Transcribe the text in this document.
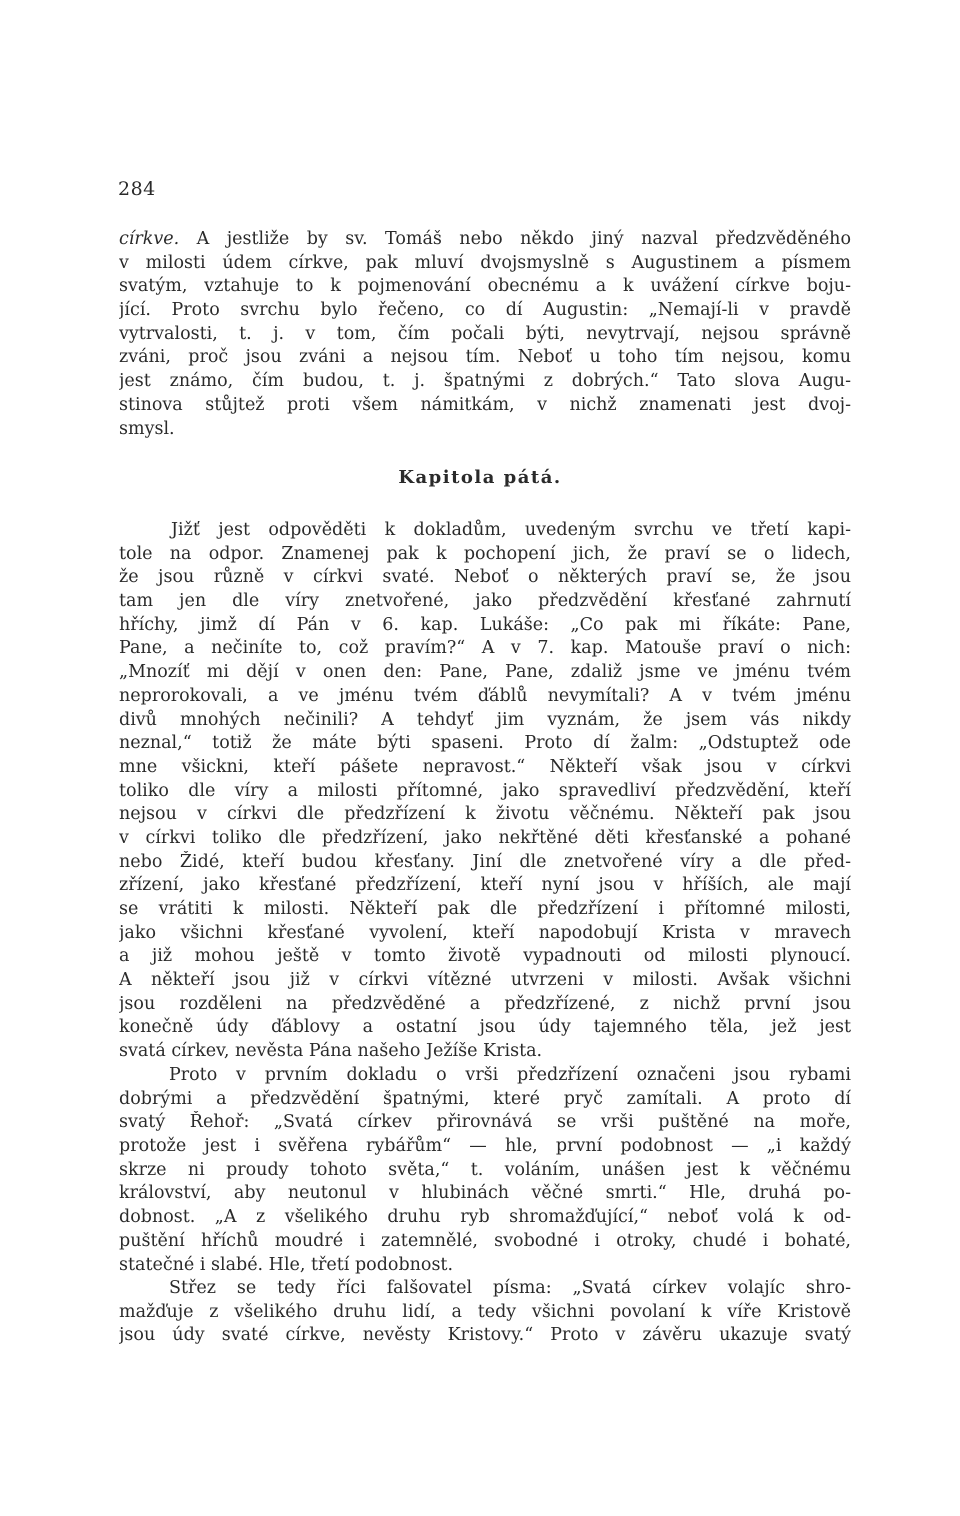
284
církve. A jestliže by sv. Tomáš nebo někdo jiný nazval předzvěděného
v milosti údem církve, pak mluví dvojsmyslně s Augustinem a písmem
svatým, vztahuje to k pojmenování obecnému a k uvážení církve boju-
jící. Proto svrchu bylo řečeno, co dí Augustin: „Nemají-li v pravdě
vytrvalosti, t. j. v tom, čím počali býti, nevytrvají, nejsou správně
zváni, proč jsou zváni a nejsou tím. Neboť u toho tím nejsou, komu
jest známo, čím budou, t. j. špatnými z dobrých.“ Tato slova Augu-
stinova stůjtež proti všem námitkám, v nichž znamenati jest dvoj-
smysl.
Kapitola pátá.
Jižť jest odpověděti k dokladům, uvedeným svrchu ve třetí kapi-
tole na odpor. Znamenej pak k pochopení jich, že praví se o lidech,
že jsou různě v církvi svaté. Neboť o některých praví se, že jsou
tam jen dle víry znetvořené, jako předzvědění křesťané zahrnutí
hříchy, jimž dí Pán v 6. kap. Lukáše: „Co pak mi říkáte: Pane,
Pane, a nečiníte to, což pravím?“ A v 7. kap. Matouše praví o nich:
„Mnozíť mi dějí v onen den: Pane, Pane, zdaliž jsme ve jménu tvém
neprorokovali, a ve jménu tvém ďáblů nevymítali? A v tvém jménu
divů mnohých nečinili? A tehdyť jim vyznám, že jsem vás nikdy
neznal,“ totiž že máte býti spaseni. Proto dí žalm: „Odstuptež ode
mne všickni, kteří pášete nepravost.“ Někteří však jsou v církvi
toliko dle víry a milosti přítomné, jako spravedliví předzvědění, kteří
nejsou v církvi dle předzřízení k životu věčnému. Někteří pak jsou
v církvi toliko dle předzřízení, jako nekřtěné děti křesťanské a pohané
nebo Židé, kteří budou křesťany. Jiní dle znetvořené víry a dle před-
zřízení, jako křesťané předzřízení, kteří nyní jsou v hříších, ale mají
se vrátiti k milosti. Někteří pak dle předzřízení i přítomné milosti,
jako všichni křesťané vyvolení, kteří napodobují Krista v mravech
a již mohou ještě v tomto životě vypadnouti od milosti plynoucí.
A někteří jsou již v církvi vítězné utvrzeni v milosti. Avšak všichni
jsou rozděleni na předzvěděné a předzřízené, z nichž první jsou
konečně údy ďáblovy a ostatní jsou údy tajemného těla, jež jest
svatá církev, nevěsta Pána našeho Ježíše Krista.
Proto v prvním dokladu o vrši předzřízení označeni jsou rybami
dobrými a předzvědění špatnými, které pryč zamítali. A proto dí
svatý Řehoř: „Svatá církev přirovnává se vrši puštěné na moře,
protože jest i svěřena rybářům“ — hle, první podobnost — „i každý
skrze ni proudy tohoto světa,“ t. voláním, unášen jest k věčnému
království, aby neutonul v hlubinách věčné smrti.“ Hle, druhá po-
dobnost. „A z všelikého druhu ryb shromažďující,“ neboť volá k od-
puštění hříchů moudré i zatemnělé, svobodné i otroky, chudé i bohaté,
statečné i slabé. Hle, třetí podobnost.
Střez se tedy říci falšovatel písma: „Svatá církev volajíc shro-
mažďuje z všelikého druhu lidí, a tedy všichni povolaní k víře Kristově
jsou údy svaté církve, nevěsty Kristovy.“ Proto v závěru ukazuje svatý
